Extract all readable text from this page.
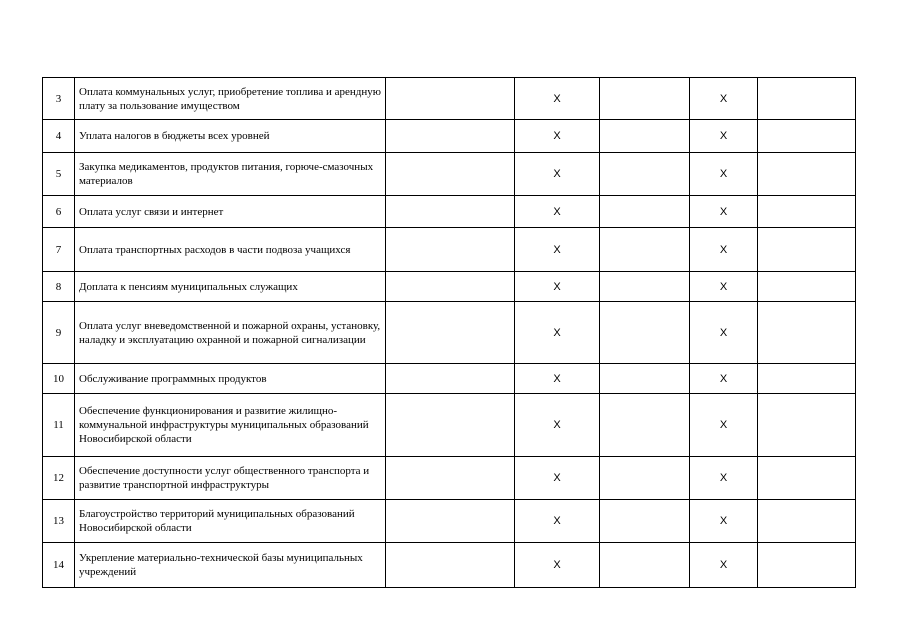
3	Оплата коммунальных услуг, приобретение топлива и арендную плату за пользование имуществом		X		X	
4	Уплата налогов в бюджеты всех уровней		X		X	
5	Закупка медикаментов, продуктов питания, горюче-смазочных материалов		X		X	
6	Оплата услуг связи и интернет		X		X	
7	Оплата транспортных расходов в части подвоза учащихся		X		X	
8	Доплата к пенсиям муниципальных служащих		X		X	
9	Оплата услуг вневедомственной и пожарной охраны, установку, наладку и эксплуатацию охранной и пожарной сигнализации		X		X	
10	Обслуживание программных продуктов		X		X	
11	Обеспечение функционирования и развитие жилищно-коммунальной инфраструктуры муниципальных образований Новосибирской области		X		X	
12	Обеспечение доступности услуг общественного транспорта и развитие транспортной инфраструктуры		X		X	
13	Благоустройство территорий муниципальных образований Новосибирской области		X		X	
14	Укрепление материально-технической базы муниципальных учреждений		X		X	
